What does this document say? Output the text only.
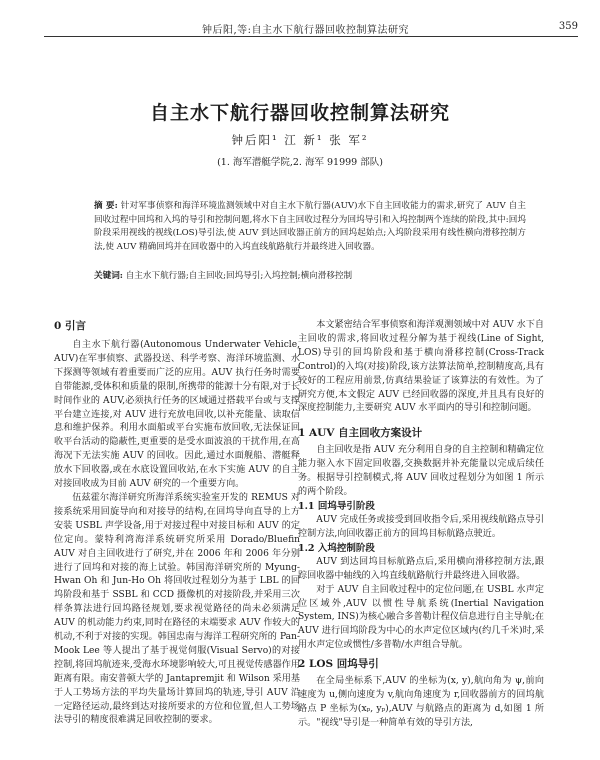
钟后阳,等:自主水下航行器回收控制算法研究	359
自主水下航行器回收控制算法研究
钟后阳¹ 江 新¹ 张 军²
(1. 海军潜艇学院,2. 海军 91999 部队)
摘 要: 针对军事侦察和海洋环境监测领域中对自主水下航行器(AUV)水下自主回收能力的需求,研究了 AUV 自主回收过程中回坞和入坞的导引和控制问题,将水下自主回收过程分为回坞导引和入坞控制两个连续的阶段,其中:回坞阶段采用视线的视线(LOS)导引法,使 AUV 到达回收器正前方的回坞起始点;入坞阶段采用有线性横向滑移控制方法,使 AUV 精确回坞并在回收器中的入坞直线航路航行并最终进入回收器。
关键词: 自主水下航行器;自主回收;回坞导引;入坞控制;横向滑移控制
0 引言

自主水下航行器(Autonomous Underwater Vehicle, AUV)在军事侦察、武器投送、科学考察、海洋环境监测、水下探测等领域有着重要而广泛的应用。AUV 执行任务时需要自带能源,受体积和质量的限制,所携带的能源十分有限,对于长时间作业的 AUV,必须执行任务的区域通过搭载平台或与支撑平台建立连接,对 AUV 进行充放电回收,以补充能量、读取信息和维护保养。利用水面船或平台实施布放回收,无法保证回收平台活动的隐蔽性,更重要的是受水面波浪的干扰作用,在高海况下无法实施 AUV 的回收。因此,通过水面舰船、潜艇释放水下回收器,或在水底设置回收站,在水下实施 AUV 的自主对接回收成为目前 AUV 研究的一个重要方向。

伍兹霍尔海洋研究所海洋系统实验室开发的 REMUS 对接系统采用回旋导向和对接导的结构,在回坞导向直导的上方安装 USBL 声学设备,用于对接过程中对接目标和 AUV 的定位定向。蒙特利湾海洋系统研究所采用 Dorado/Bluefin AUV 对自主回收进行了研究,并在 2006 年和 2006 年分别进行了回坞和对接的海上试验。韩国海洋研究所的 Myung-Hwan Oh 和 Jun-Ho Oh 将回收过程划分为基于 LBL 的回坞阶段和基于 SSBL 和 CCD 摄像机的对接阶段,并采用三次样条算法进行回坞路径规划,要求视觉路径的尚未必须满足 AUV 的机动能力约束,同时在路径的末端要求 AUV 作较大的机动,不利于对接的实现。韩国忠南与海洋工程研究所的 Pan-Mook Lee 等人提出了基于视觉伺服(Visual Servo)的对接控制,将回坞航迹来,受海水环境影响较大,可且视觉传感器作用距离有限。南安普顿大学的 Jantapremjit 和 Wilson 采用基于人工势场方法的平均失量场计算回坞的轨迹,导引 AUV 沿一定路径运动,最终到达对接所要求的方位和位置,但人工势场法导引的精度很难满足回收控制的要求。

本文紧密结合军事侦察和海洋观测领域中对 AUV 水下自主回收的需求,将回收过程分解为基于视线(Line of Sight, LOS)导引的回坞阶段和基于横向滑移控制(Cross-Track Control)的入坞(对接)阶段,该方法算法简单,控制精度高,具有较好的工程应用前景,仿真结果验证了该算法的有效性。为了研究方便,本文假定 AUV 已经回收器的深度,并且具有良好的深度控制能力,主要研究 AUV 水平面内的导引和控制问题。

1 AUV 自主回收方案设计

自主回收是指 AUV 充分利用自身的自主控制和精确定位能力驱入水下固定回收器,交换数据并补充能量以完成后续任务。根据导引控制模式,将 AUV 回收过程划分为如图 1 所示的两个阶段。

1.1 回坞导引阶段

AUV 完成任务或接受到回收指令后,采用视线航路点导引控制方法,向回收器正前方的回坞目标航路点驶近。

1.2 入坞控制阶段

AUV 到达回坞目标航路点后,采用横向滑移控制方法,跟踪回收器中轴线的入坞直线航路航行并最终进入回收器。

对于 AUV 自主回收过程中的定位问题,在 USBL 水声定位区域外,AUV 以惯性导航系统(Inertial Navigation System, INS)为核心融合多普勒计程仪信息进行自主导航;在 AUV 进行回坞阶段为中心的水声定位区域内(约几千米)时,采用水声定位或惯性/多普勒/水声组合导航。

2 LOS 回坞导引

在全局坐标系下,AUV 的坐标为(x, y),航向角为 ψ,前向速度为 u,侧向速度为 v,航向角速度为 r,回收器前方的回坞航路点 P 坐标为(xₚ, yₚ),AUV 与航路点的距离为 d,如图 1 所示。"视线"导引是一种简单有效的导引方法,
